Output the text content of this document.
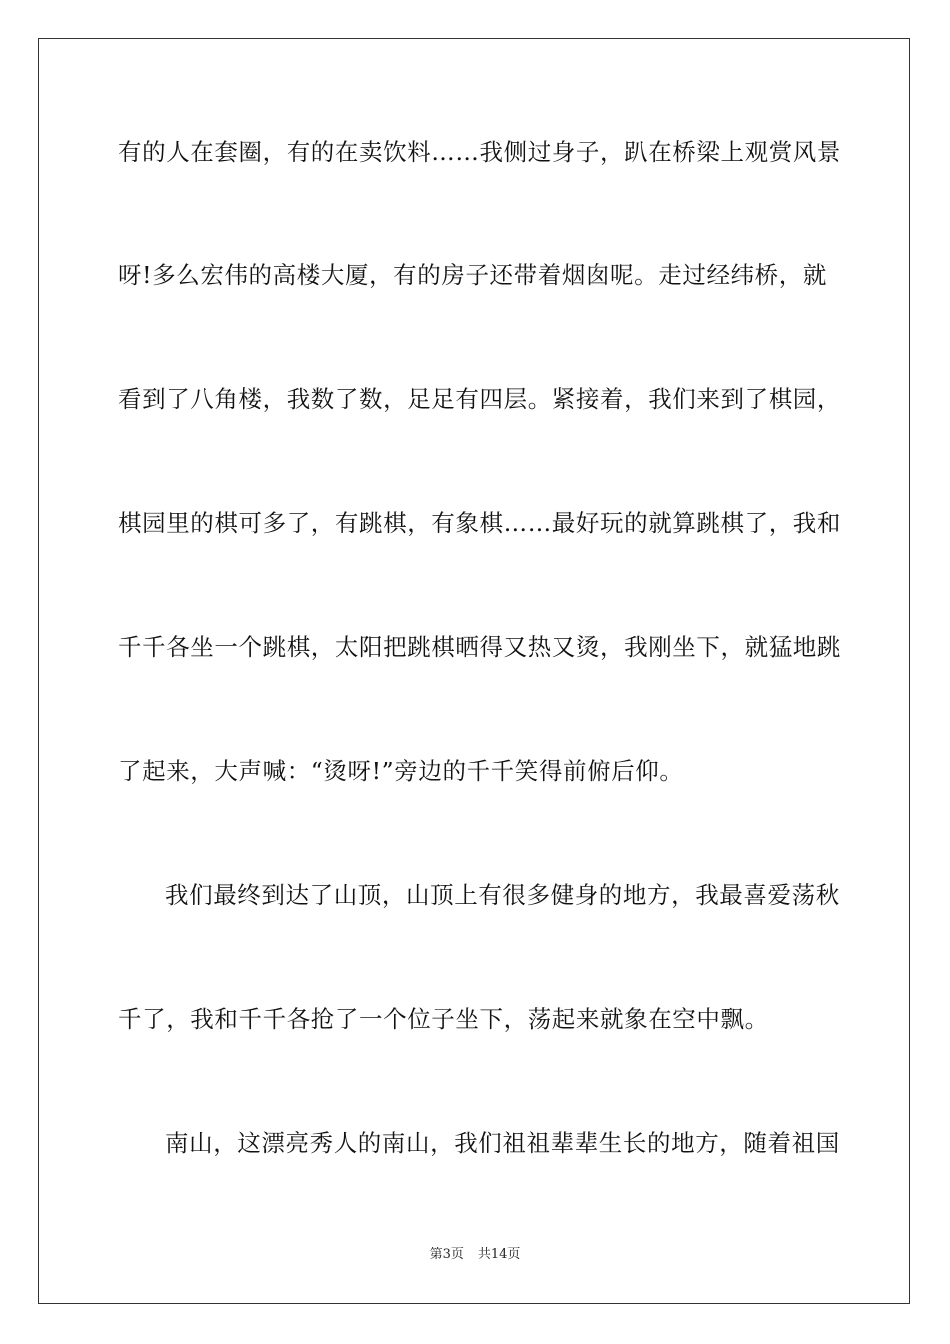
有的人在套圈，有的在卖饮料……我侧过身子，趴在桥梁上观赏风景
呀!多么宏伟的高楼大厦，有的房子还带着烟囱呢。走过经纬桥，就
看到了八角楼，我数了数，足足有四层。紧接着，我们来到了棋园，
棋园里的棋可多了，有跳棋，有象棋……最好玩的就算跳棋了，我和
千千各坐一个跳棋，太阳把跳棋晒得又热又烫，我刚坐下，就猛地跳
了起来，大声喊：“烫呀!”旁边的千千笑得前俯后仰。
我们最终到达了山顶，山顶上有很多健身的地方，我最喜爱荡秋
千了，我和千千各抢了一个位子坐下，荡起来就象在空中飘。
南山，这漂亮秀人的南山，我们祖祖辈辈生长的地方，随着祖国
第3页 共14页
